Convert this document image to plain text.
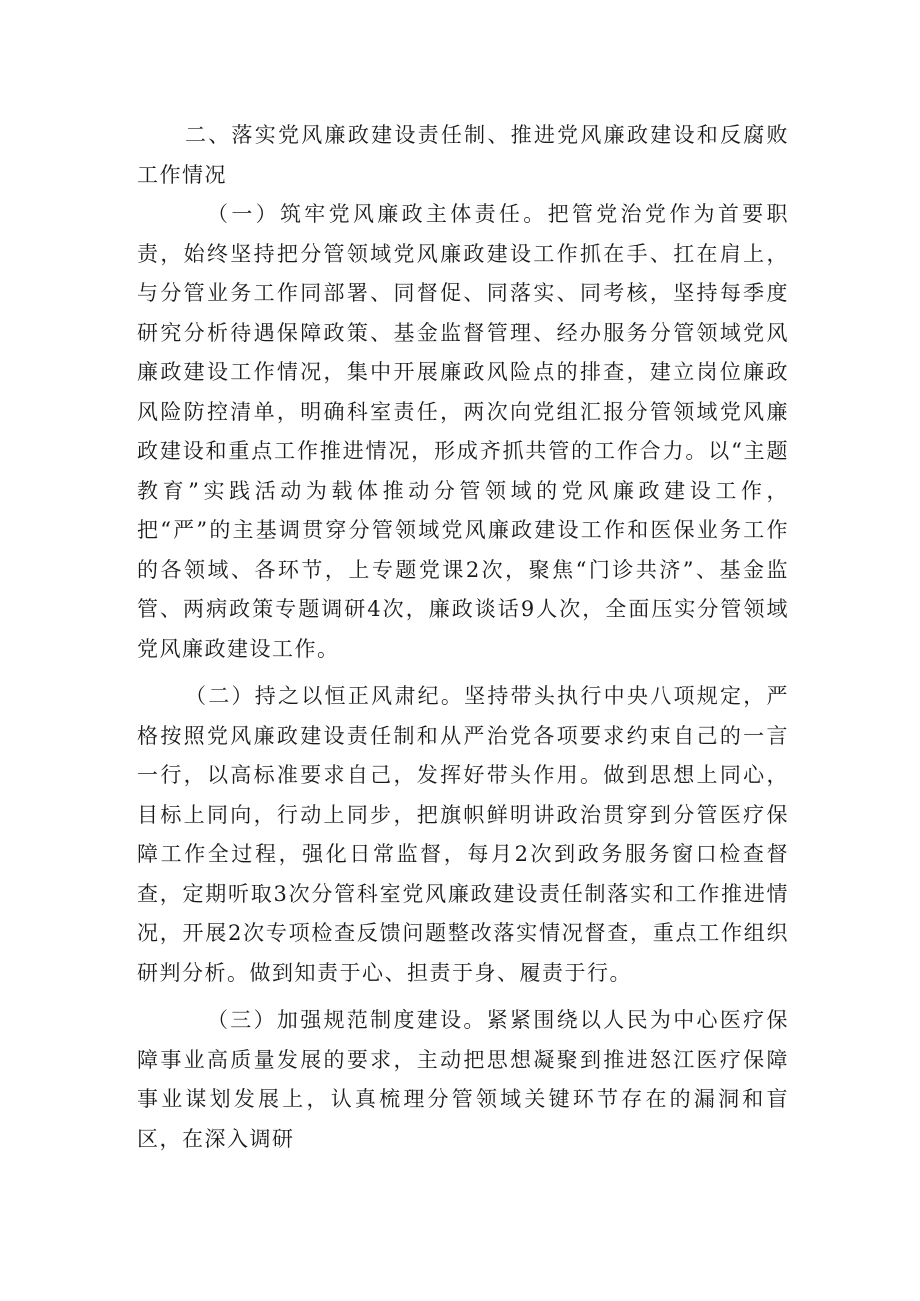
二、落实党风廉政建设责任制、推进党风廉政建设和反腐败工作情况

（一）筑牢党风廉政主体责任。把管党治党作为首要职责，始终坚持把分管领域党风廉政建设工作抓在手、扛在肩上，与分管业务工作同部署、同督促、同落实、同考核，坚持每季度研究分析待遇保障政策、基金监督管理、经办服务分管领域党风廉政建设工作情况，集中开展廉政风险点的排查，建立岗位廉政风险防控清单，明确科室责任，两次向党组汇报分管领域党风廉政建设和重点工作推进情况，形成齐抓共管的工作合力。以“主题教育”实践活动为载体推动分管领域的党风廉政建设工作，把“严”的主基调贯穿分管领域党风廉政建设工作和医保业务工作的各领域、各环节，上专题党课2次，聚焦“门诊共济”、基金监管、两病政策专题调研4次，廉政谈话9人次，全面压实分管领域党风廉政建设工作。

（二）持之以恒正风肃纪。坚持带头执行中央八项规定，严格按照党风廉政建设责任制和从严治党各项要求约束自己的一言一行，以高标准要求自己，发挥好带头作用。做到思想上同心，目标上同向，行动上同步，把旗帜鲜明讲政治贯穿到分管医疗保障工作全过程，强化日常监督，每月2次到政务服务窗口检查督查，定期听取3次分管科室党风廉政建设责任制落实和工作推进情况，开展2次专项检查反馈问题整改落实情况督查，重点工作组织研判分析。做到知责于心、担责于身、履责于行。

（三）加强规范制度建设。紧紧围绕以人民为中心医疗保障事业高质量发展的要求，主动把思想凝聚到推进怒江医疗保障事业谋划发展上，认真梳理分管领域关键环节存在的漏洞和盲区，在深入调研
